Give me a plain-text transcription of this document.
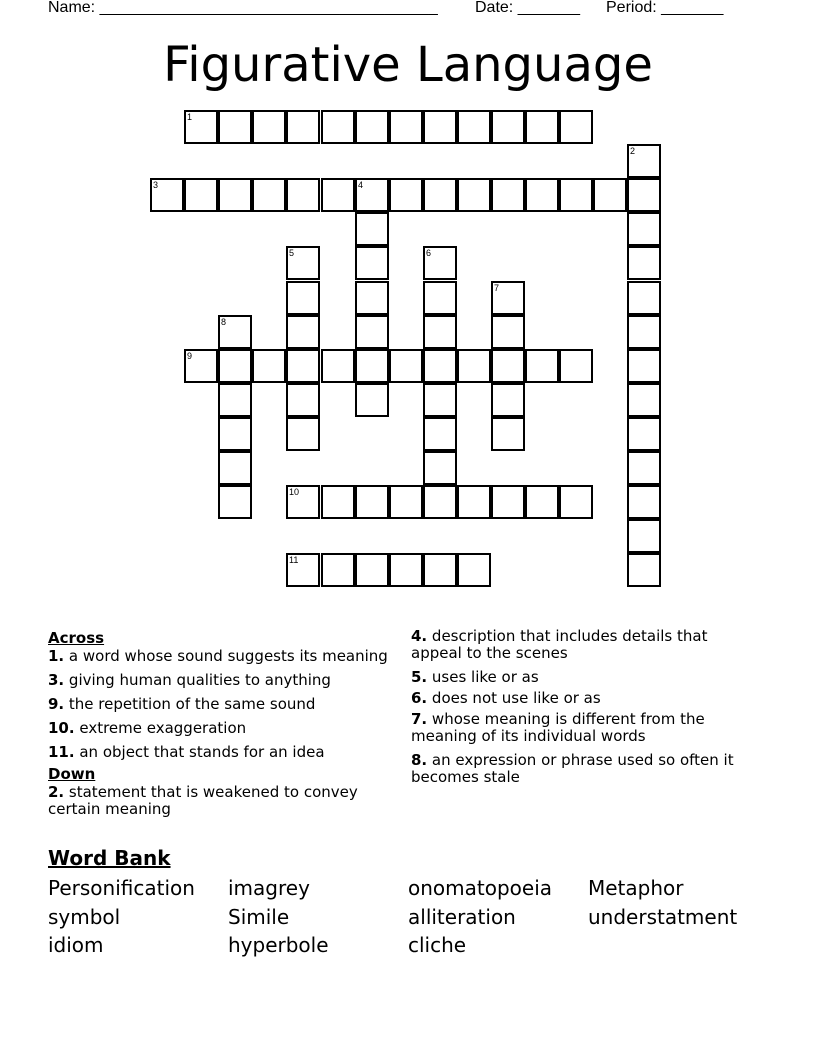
Name: ______________________________________ Date: _______ Period: _______
Figurative Language
1
2
3	4
5	6
7
8
9
10
11
Across
1. a word whose sound suggests its meaning
3. giving human qualities to anything
9. the repetition of the same sound
10. extreme exaggeration
11. an object that stands for an idea
Down
2. statement that is weakened to convey certain meaning
4. description that includes details that appeal to the scenes
5. uses like or as
6. does not use like or as
7. whose meaning is different from the meaning of its individual words
8. an expression or phrase used so often it becomes stale
Word Bank
Personification imagrey	onomatopoeia Metaphor
symbol	Simile	alliteration	understatment
idiom	hyperbole	cliche
